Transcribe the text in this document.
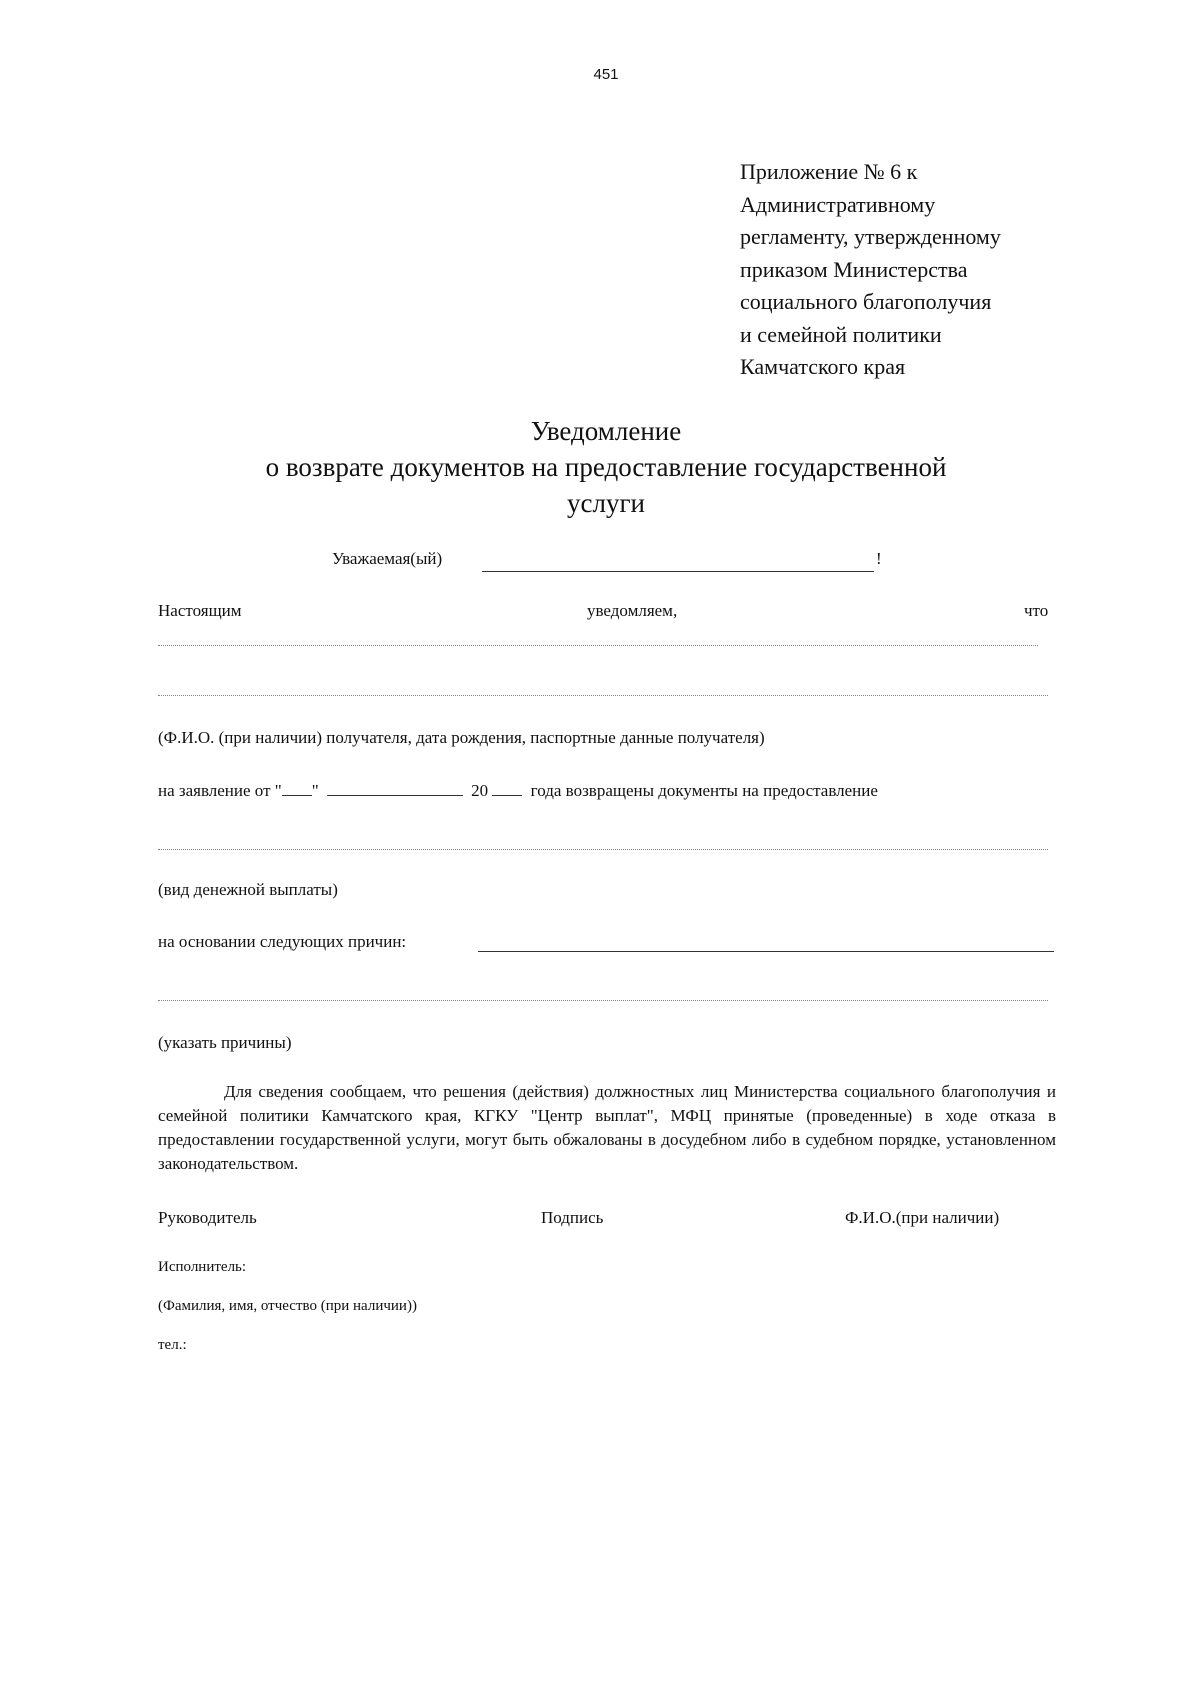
451
Приложение № 6 к
Административному
регламенту, утвержденному
приказом Министерства
социального благополучия
и семейной политики
Камчатского края
Уведомление
о возврате документов на предоставление государственной
услуги
Уважаемая(ый)	!
Настоящим	уведомляем,	что
(Ф.И.О. (при наличии) получателя, дата рождения, паспортные данные получателя)
на заявление от " "	20	года возвращены документы на предоставление
(вид денежной выплаты)
на основании следующих причин:
(указать причины)
Для сведения сообщаем, что решения (действия) должностных лиц Министерства социального благополучия и семейной политики Камчатского края, КГКУ "Центр выплат", МФЦ принятые (проведенные) в ходе отказа в предоставлении государственной услуги, могут быть обжалованы в досудебном либо в судебном порядке, установленном законодательством.
Руководитель	Подпись	Ф.И.О.(при наличии)
Исполнитель:
(Фамилия, имя, отчество (при наличии))
тел.:
